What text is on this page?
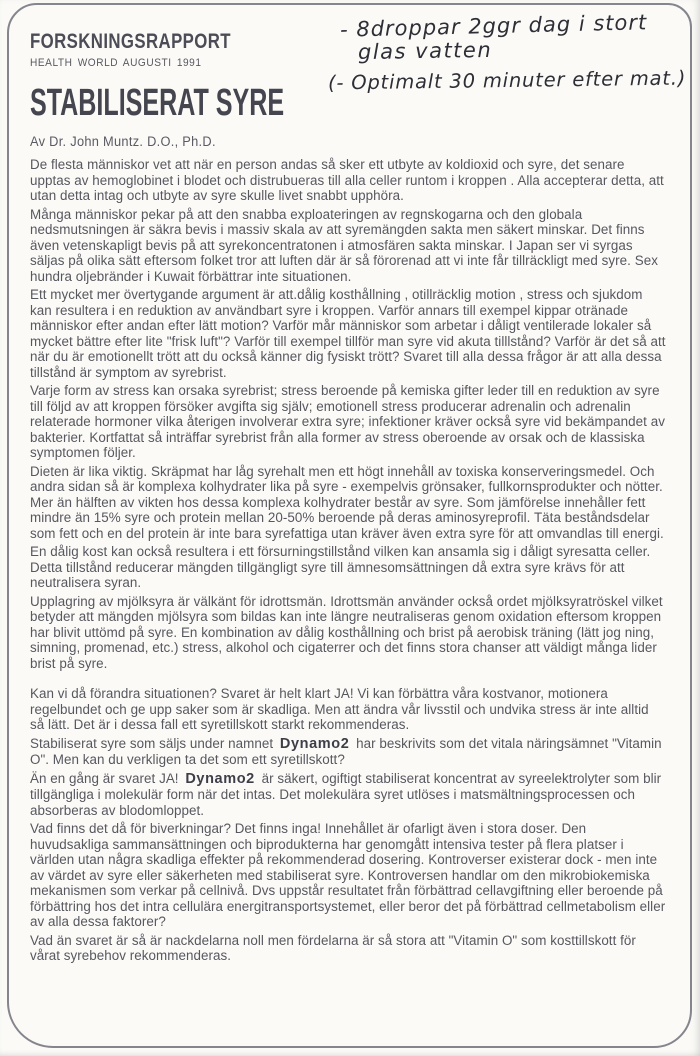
FORSKNINGSRAPPORT
HEALTH WORLD AUGUSTI 1991
STABILISERAT SYRE
Av Dr. John Muntz. D.O., Ph.D.
- 8droppar 2ggr dag i stort
glas vatten
(- Optimalt 30 minuter efter mat.)

De flesta människor vet att när en person andas så sker ett utbyte av koldioxid och syre, det senare upptas av hemoglobinet i blodet och distrubueras till alla celler runtom i kroppen . Alla accepterar detta, att utan detta intag och utbyte av syre skulle livet snabbt upphöra.

Många människor pekar på att den snabba exploateringen av regnskogarna och den globala nedsmutsningen är säkra bevis i massiv skala av att syremängden sakta men säkert minskar. Det finns även vetenskapligt bevis på att syrekoncentratonen i atmosfären sakta minskar. I Japan ser vi syrgas säljas på olika sätt eftersom folket tror att luften där är så förorenad att vi inte får tillräckligt med syre. Sex hundra oljebränder i Kuwait förbättrar inte situationen.

Ett mycket mer övertygande argument är att.dålig kosthållning , otillräcklig motion , stress och sjukdom kan resultera i en reduktion av användbart syre i kroppen. Varför annars till exempel kippar otränade människor efter andan efter lätt motion? Varför mår människor som arbetar i dåligt ventilerade lokaler så mycket bättre efter lite "frisk luft"? Varför till exempel tillför man syre vid akuta tilllstånd? Varför är det så att när du är emotionellt trött att du också känner dig fysiskt trött? Svaret till alla dessa frågor är att alla dessa tillstånd är symptom av syrebrist.

Varje form av stress kan orsaka syrebrist; stress beroende på kemiska gifter leder till en reduktion av syre till följd av att kroppen försöker avgifta sig själv; emotionell stress producerar adrenalin och adrenalin relaterade hormoner vilka återigen involverar extra syre; infektioner kräver också syre vid bekämpandet av bakterier. Kortfattat så inträffar syrebrist från alla former av stress oberoende av orsak och de klassiska symptomen följer.

Dieten är lika viktig. Skräpmat har låg syrehalt men ett högt innehåll av toxiska konserveringsmedel. Och andra sidan så är komplexa kolhydrater lika på syre - exempelvis grönsaker, fullkornsprodukter och nötter. Mer än hälften av vikten hos dessa komplexa kolhydrater består av syre. Som jämförelse innehåller fett mindre än 15% syre och protein mellan 20-50% beroende på deras aminosyreprofil. Täta beståndsdelar som fett och en del protein är inte bara syrefattiga utan kräver även extra syre för att omvandlas till energi.

En dålig kost kan också resultera i ett försurningstillstånd vilken kan ansamla sig i dåligt syresatta celler. Detta tillstånd reducerar mängden tillgängligt syre till ämnesomsättningen då extra syre krävs för att neutralisera syran.

Upplagring av mjölksyra är välkänt för idrottsmän. Idrottsmän använder också ordet mjölksyratröskel vilket betyder att mängden mjölsyra som bildas kan inte längre neutraliseras genom oxidation eftersom kroppen har blivit uttömd på syre. En kombination av dålig kosthållning och brist på aerobisk träning (lätt jog ning, simning, promenad, etc.) stress, alkohol och cigaterrer och det finns stora chanser att väldigt många lider brist på syre.

Kan vi då förandra situationen? Svaret är helt klart JA! Vi kan förbättra våra kostvanor, motionera regelbundet och ge upp saker som är skadliga. Men att ändra vår livsstil och undvika stress är inte alltid så lätt. Det är i dessa fall ett syretillskott starkt rekommenderas.

Stabiliserat syre som säljs under namnet Dynamo2 har beskrivits som det vitala näringsämnet "Vitamin O". Men kan du verkligen ta det som ett syretillskott?

Än en gång är svaret JA! Dynamo2 är säkert, ogiftigt stabiliserat koncentrat av syreelektrolyter som blir tillgängliga i molekulär form när det intas. Det molekulära syret utlöses i matsmältningsprocessen och absorberas av blodomloppet.

Vad finns det då för biverkningar? Det finns inga! Innehållet är ofarligt även i stora doser. Den huvudsakliga sammansättningen och biprodukterna har genomgått intensiva tester på flera platser i världen utan några skadliga effekter på rekommenderad dosering. Kontroverser existerar dock - men inte av värdet av syre eller säkerheten med stabiliserat syre. Kontroversen handlar om den mikrobiokemiska mekanismen som verkar på cellnivå. Dvs uppstår resultatet från förbättrad cellavgiftning eller beroende på förbättring hos det intra cellulära energitransportsystemet, eller beror det på förbättrad cellmetabolism eller av alla dessa faktorer?

Vad än svaret är så är nackdelarna noll men fördelarna är så stora att "Vitamin O" som kosttillskott för vårat syrebehov rekommenderas.
